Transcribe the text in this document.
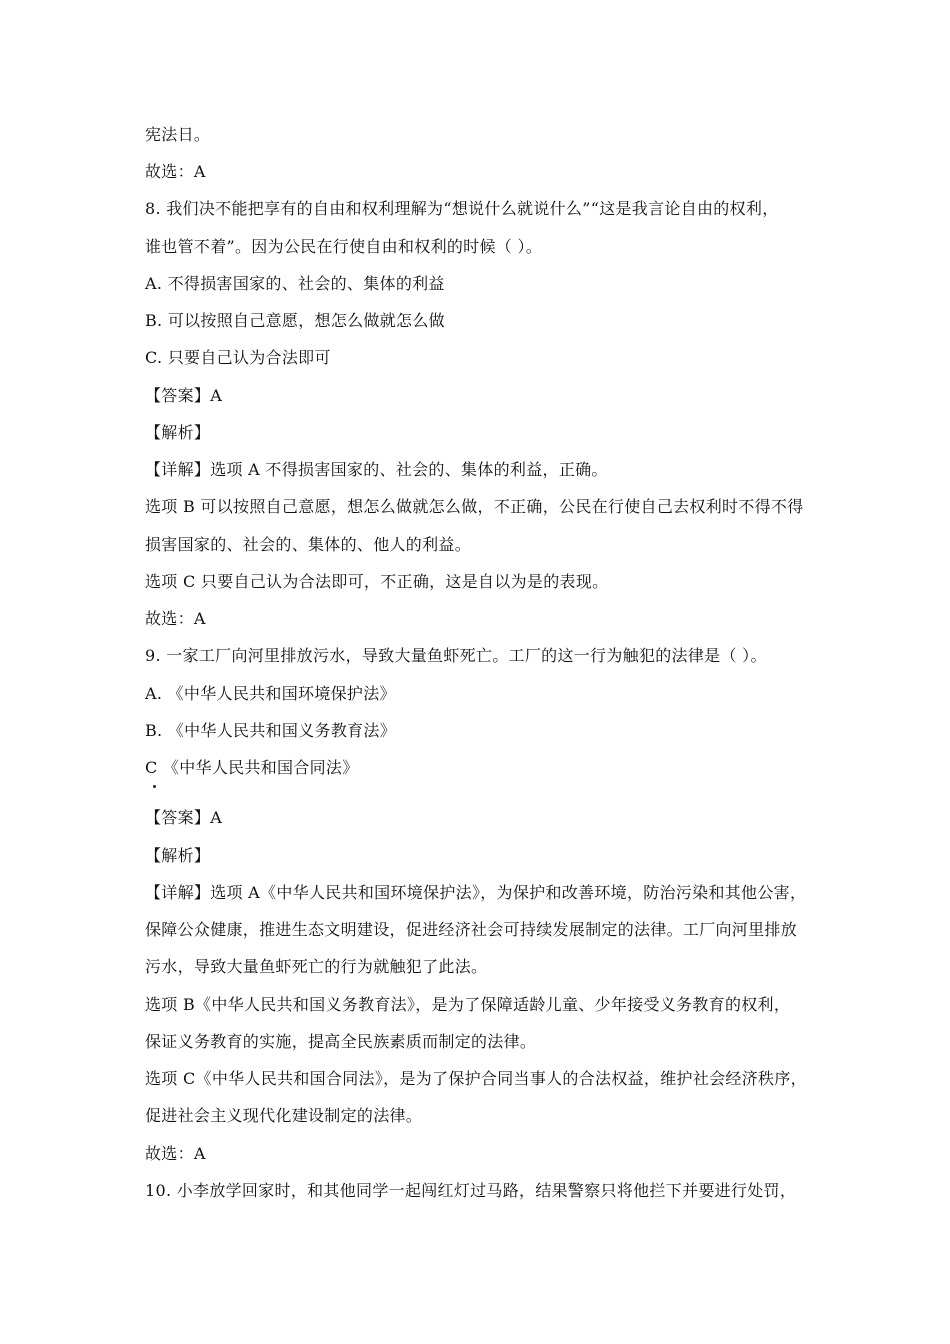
宪法日。
故选：A
8. 我们决不能把享有的自由和权利理解为“想说什么就说什么”“这是我言论自由的权利，
谁也管不着”。因为公民在行使自由和权利的时候（ ）。
A. 不得损害国家的、社会的、集体的利益
B. 可以按照自己意愿，想怎么做就怎么做
C. 只要自己认为合法即可
【答案】A
【解析】
【详解】选项 A 不得损害国家的、社会的、集体的利益，正确。
选项 B 可以按照自己意愿，想怎么做就怎么做，不正确，公民在行使自己去权利时不得不得
损害国家的、社会的、集体的、他人的利益。
选项 C 只要自己认为合法即可，不正确，这是自以为是的表现。
故选：A
9. 一家工厂向河里排放污水，导致大量鱼虾死亡。工厂的这一行为触犯的法律是（ ）。
A. 《中华人民共和国环境保护法》
B. 《中华人民共和国义务教育法》
C 《中华人民共和国合同法》
【答案】A
【解析】
【详解】选项 A《中华人民共和国环境保护法》，为保护和改善环境，防治污染和其他公害，
保障公众健康，推进生态文明建设，促进经济社会可持续发展制定的法律。工厂向河里排放
污水，导致大量鱼虾死亡的行为就触犯了此法。
选项 B《中华人民共和国义务教育法》，是为了保障适龄儿童、少年接受义务教育的权利，
保证义务教育的实施，提高全民族素质而制定的法律。
选项 C《中华人民共和国合同法》，是为了保护合同当事人的合法权益，维护社会经济秩序，
促进社会主义现代化建设制定的法律。
故选：A
10. 小李放学回家时，和其他同学一起闯红灯过马路，结果警察只将他拦下并要进行处罚，
